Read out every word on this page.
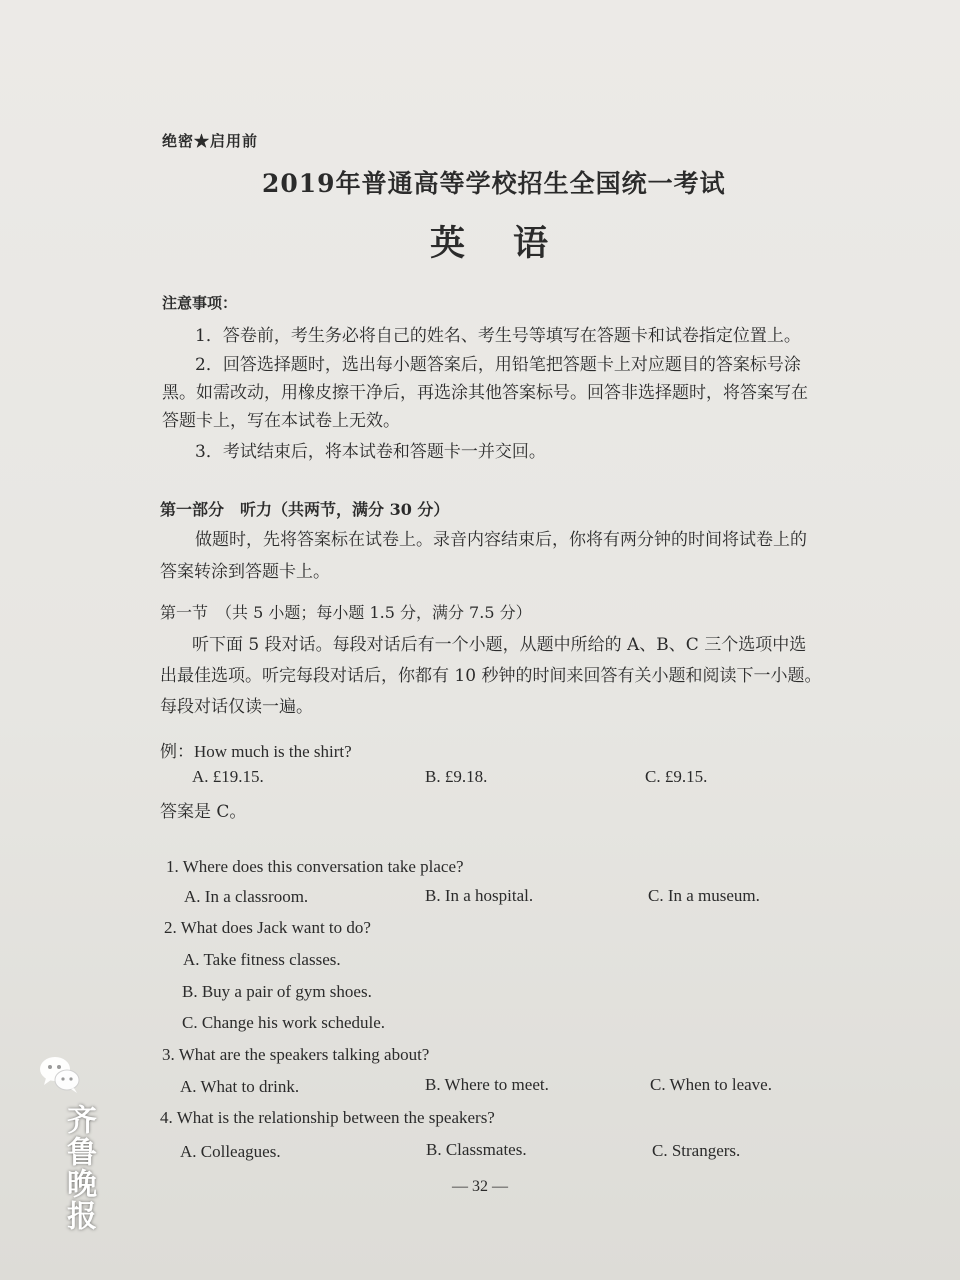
绝密★启用前
2019年普通高等学校招生全国统一考试
英语
注意事项：
1．答卷前，考生务必将自己的姓名、考生号等填写在答题卡和试卷指定位置上。
2．回答选择题时，选出每小题答案后，用铅笔把答题卡上对应题目的答案标号涂
黑。如需改动，用橡皮擦干净后，再选涂其他答案标号。回答非选择题时，将答案写在
答题卡上，写在本试卷上无效。
3．考试结束后，将本试卷和答题卡一并交回。
第一部分　听力（共两节，满分 30 分）
做题时，先将答案标在试卷上。录音内容结束后，你将有两分钟的时间将试卷上的
答案转涂到答题卡上。
第一节　（共 5 小题；每小题 1.5 分，满分 7.5 分）
听下面 5 段对话。每段对话后有一个小题，从题中所给的 A、B、C 三个选项中选
出最佳选项。听完每段对话后，你都有 10 秒钟的时间来回答有关小题和阅读下一小题。
每段对话仅读一遍。
例：How much is the shirt?
A. £19.15.	B. £9.18.	C. £9.15.
答案是 C。
1. Where does this conversation take place?
A. In a classroom.	B. In a hospital.	C. In a museum.
2. What does Jack want to do?
A. Take fitness classes.
B. Buy a pair of gym shoes.
C. Change his work schedule.
3. What are the speakers talking about?
A. What to drink.	B. Where to meet.	C. When to leave.
4. What is the relationship between the speakers?
A. Colleagues.	B. Classmates.	C. Strangers.
— 32 —
齐鲁晚报
